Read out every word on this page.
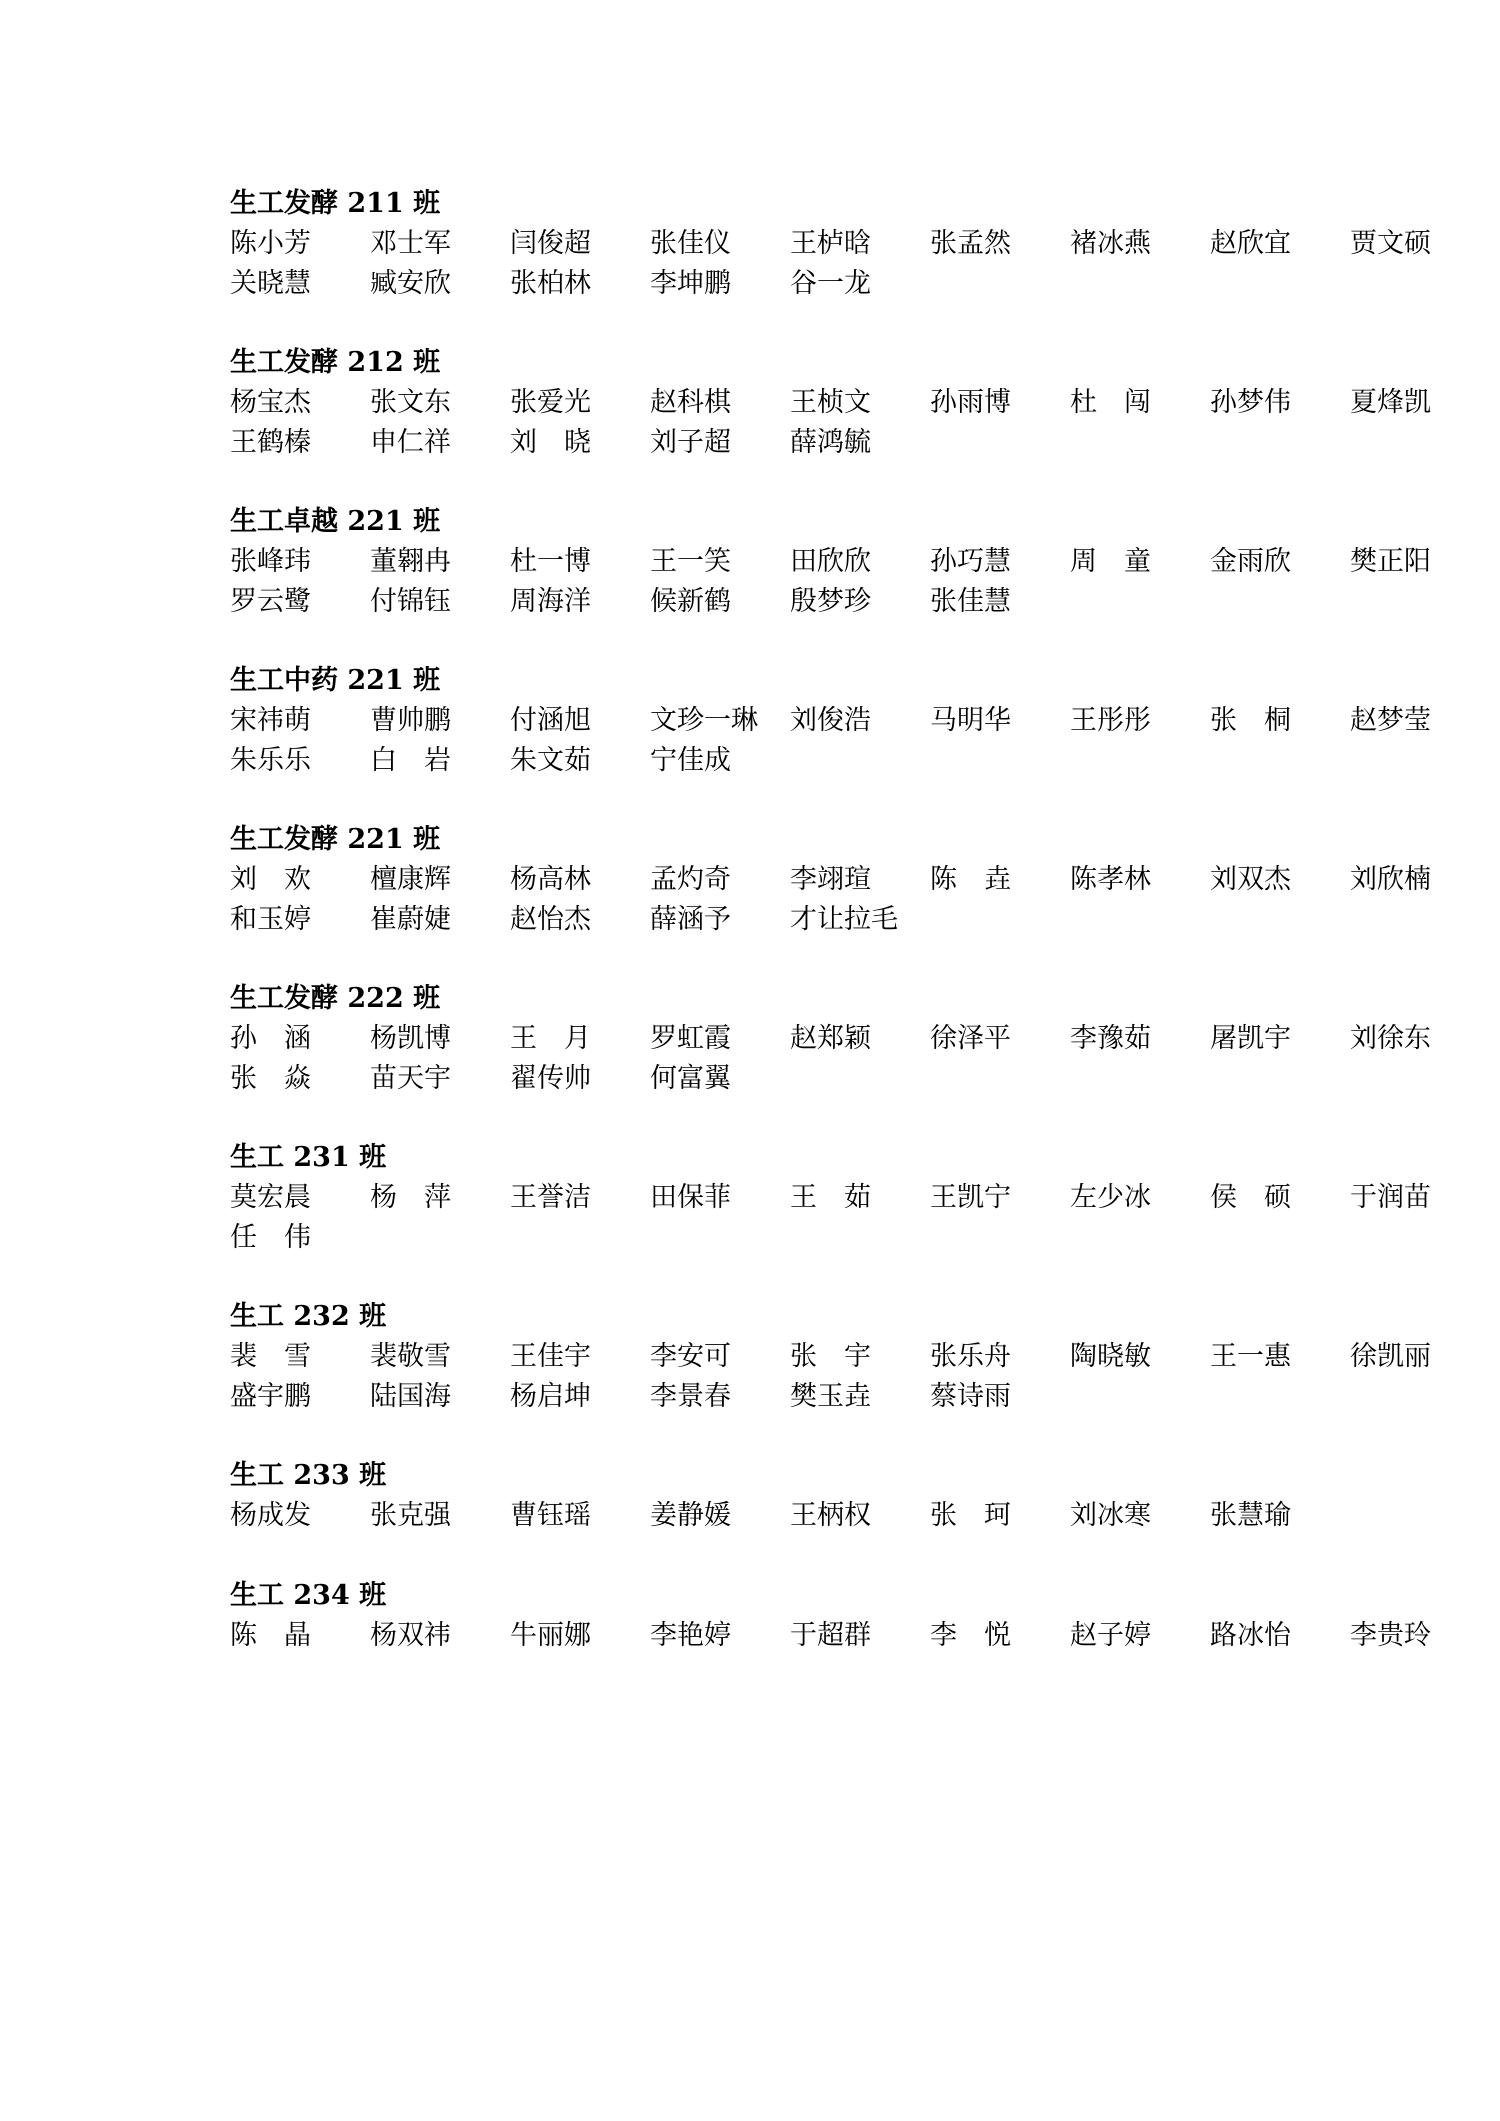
生工发酵 211 班
陈小芳	邓士军	闫俊超	张佳仪	王栌晗	张孟然	褚冰燕	赵欣宜	贾文硕
关晓慧	臧安欣	张柏林	李坤鹏	谷一龙
生工发酵 212 班
杨宝杰	张文东	张爱光	赵科棋	王桢文	孙雨博	杜　闯	孙梦伟	夏烽凯
王鹤榛	申仁祥	刘　晓	刘子超	薛鸿毓
生工卓越 221 班
张峰玮	董翱冉	杜一博	王一笑	田欣欣	孙巧慧	周　童	金雨欣	樊正阳
罗云鹭	付锦钰	周海洋	候新鹤	殷梦珍	张佳慧
生工中药 221 班
宋祎萌	曹帅鹏	付涵旭	文珍一琳	刘俊浩	马明华	王彤彤	张　桐	赵梦莹
朱乐乐	白　岩	朱文茹	宁佳成
生工发酵 221 班
刘　欢	檀康辉	杨高林	孟灼奇	李翊瑄	陈　垚	陈孝林	刘双杰	刘欣楠
和玉婷	崔蔚婕	赵怡杰	薛涵予	才让拉毛
生工发酵 222 班
孙　涵	杨凯博	王　月	罗虹霞	赵郑颖	徐泽平	李豫茹	屠凯宇	刘徐东
张　焱	苗天宇	翟传帅	何富翼
生工 231 班
莫宏晨	杨　萍	王誉洁	田保菲	王　茹	王凯宁	左少冰	侯　硕	于润苗
任　伟
生工 232 班
裴　雪	裴敬雪	王佳宇	李安可	张　宇	张乐舟	陶晓敏	王一惠	徐凯丽
盛宇鹏	陆国海	杨启坤	李景春	樊玉垚	蔡诗雨
生工 233 班
杨成发	张克强	曹钰瑶	姜静媛	王柄权	张　珂	刘冰寒	张慧瑜
生工 234 班
陈　晶	杨双祎	牛丽娜	李艳婷	于超群	李　悦	赵子婷	路冰怡	李贵玲
